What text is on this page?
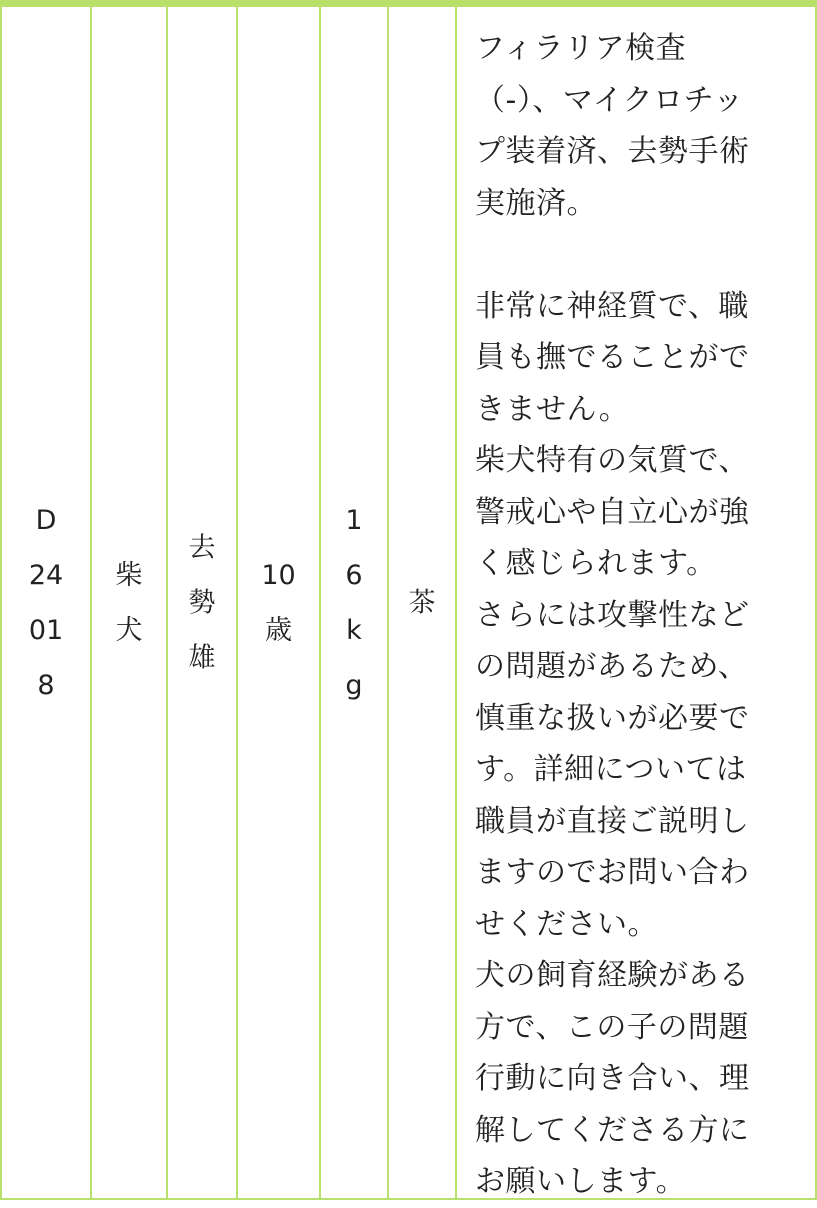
D
24
01
8
柴
犬
去
勢
雄
10
歳
1
6
k
g
茶
フィラリア検査
（-）、マイクロチッ
プ装着済、去勢手術
実施済。
非常に神経質で、職
員も撫でることがで
きません。
柴犬特有の気質で、
警戒心や自立心が強
く感じられます。
さらには攻撃性など
の問題があるため、
慎重な扱いが必要で
す。詳細については
職員が直接ご説明し
ますのでお問い合わ
せください。
犬の飼育経験がある
方で、この子の問題
行動に向き合い、理
解してくださる方に
お願いします。
